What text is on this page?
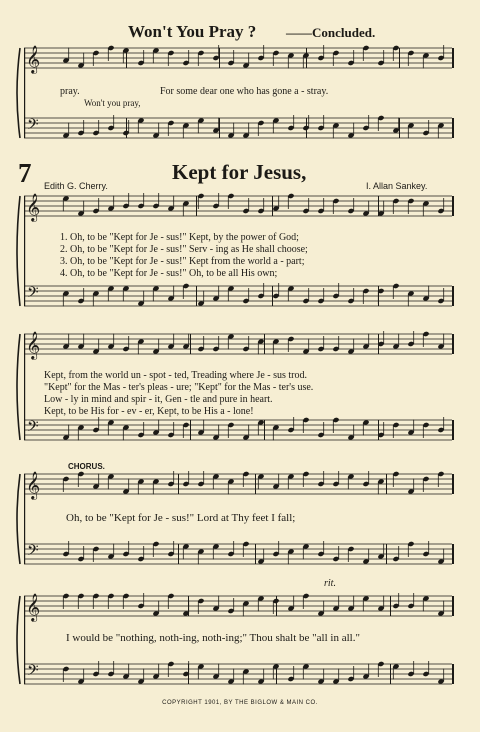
Won't You Pray ? ——Concluded.
pray.	For some dear one who has gone a - stray.
Won't you pray,
7	Kept for Jesus,
Edith G. Cherry.	I. Allan Sankey.
1. Oh, to be "Kept for Je - sus!" Kept, by the power of God;
2. Oh, to be "Kept for Je - sus!" Serv - ing as He shall choose;
3. Oh, to be "Kept for Je - sus!" Kept from the world a - part;
4. Oh, to be "Kept for Je - sus!" Oh, to be all His own;
Kept, from the world un - spot - ted, Treading where Je - sus trod.
"Kept" for the Mas - ter's pleas - ure; "Kept" for the Mas - ter's use.
Low - ly in mind and spir - it, Gen - tle and pure in heart.
Kept, to be His for - ev - er, Kept, to be His a - lone!
CHORUS.
Oh, to be "Kept for Je - sus!" Lord at Thy feet I fall;
rit.
I would be "nothing, noth-ing, noth-ing;" Thou shalt be "all in all."
COPYRIGHT 1901, BY THE BIGLOW & MAIN CO.
𝄞
𝄢
𝄞
𝄢
𝄞
𝄢
𝄞
𝄢
𝄞
𝄢
